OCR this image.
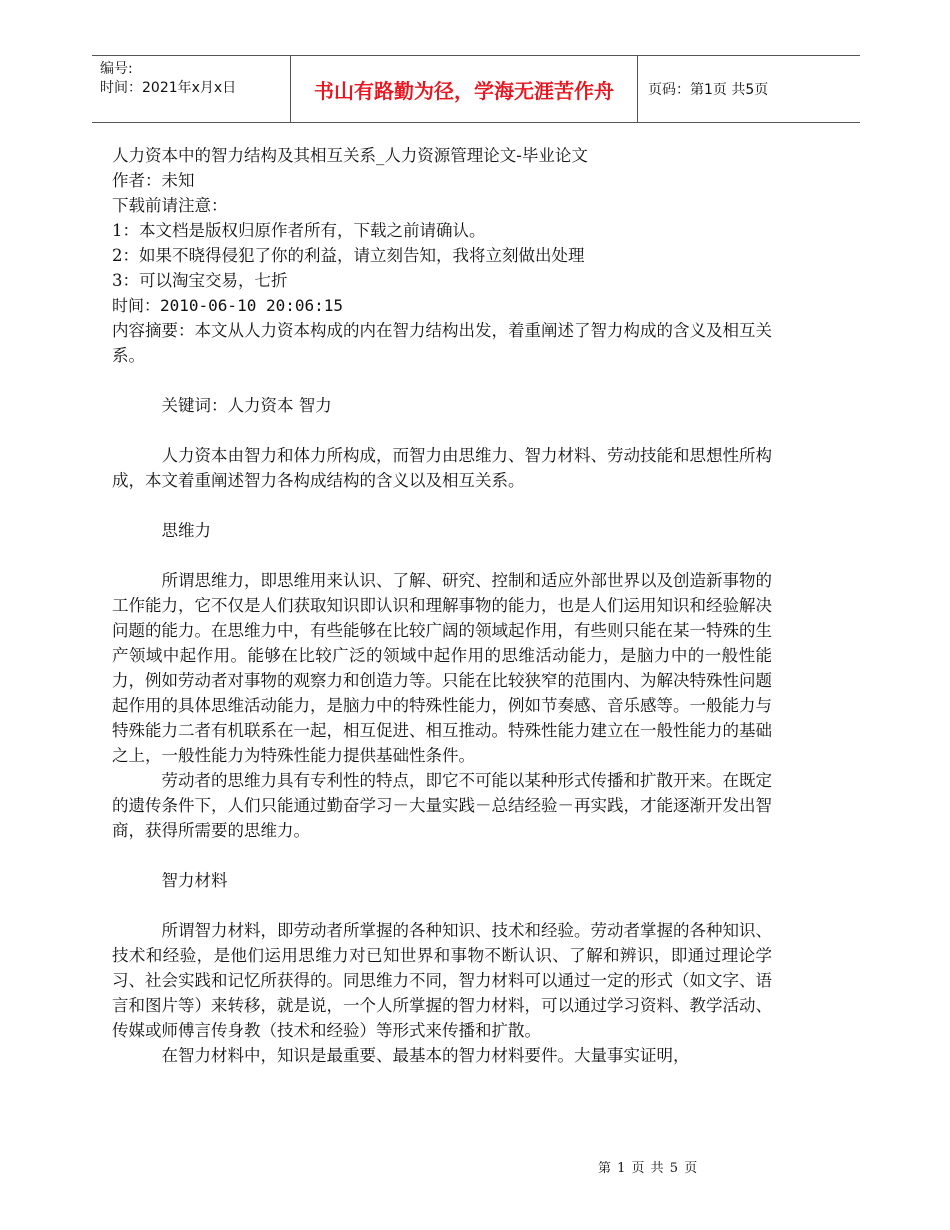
编号:
时间：2021年x月x日	书山有路勤为径，学海无涯苦作舟	页码：第1页 共5页
人力资本中的智力结构及其相互关系_人力资源管理论文-毕业论文
作者：未知
下载前请注意：
1：本文档是版权归原作者所有，下载之前请确认。
2：如果不晓得侵犯了你的利益，请立刻告知，我将立刻做出处理
3：可以淘宝交易，七折
时间：2010-06-10 20:06:15
内容摘要：本文从人力资本构成的内在智力结构出发，着重阐述了智力构成的含义及相互关系。
关键词：人力资本 智力
人力资本由智力和体力所构成，而智力由思维力、智力材料、劳动技能和思想性所构成，本文着重阐述智力各构成结构的含义以及相互关系。
思维力
所谓思维力，即思维用来认识、了解、研究、控制和适应外部世界以及创造新事物的工作能力，它不仅是人们获取知识即认识和理解事物的能力，也是人们运用知识和经验解决问题的能力。在思维力中，有些能够在比较广阔的领域起作用，有些则只能在某一特殊的生产领域中起作用。能够在比较广泛的领域中起作用的思维活动能力，是脑力中的一般性能力，例如劳动者对事物的观察力和创造力等。只能在比较狭窄的范围内、为解决特殊性问题起作用的具体思维活动能力，是脑力中的特殊性能力，例如节奏感、音乐感等。一般能力与特殊能力二者有机联系在一起，相互促进、相互推动。特殊性能力建立在一般性能力的基础之上，一般性能力为特殊性能力提供基础性条件。
劳动者的思维力具有专利性的特点，即它不可能以某种形式传播和扩散开来。在既定的遗传条件下，人们只能通过勤奋学习－大量实践－总结经验－再实践，才能逐渐开发出智商，获得所需要的思维力。
智力材料
所谓智力材料，即劳动者所掌握的各种知识、技术和经验。劳动者掌握的各种知识、技术和经验，是他们运用思维力对已知世界和事物不断认识、了解和辨识，即通过理论学习、社会实践和记忆所获得的。同思维力不同，智力材料可以通过一定的形式（如文字、语言和图片等）来转移，就是说，一个人所掌握的智力材料，可以通过学习资料、教学活动、传媒或师傅言传身教（技术和经验）等形式来传播和扩散。
在智力材料中，知识是最重要、最基本的智力材料要件。大量事实证明，
第 1 页 共 5 页
